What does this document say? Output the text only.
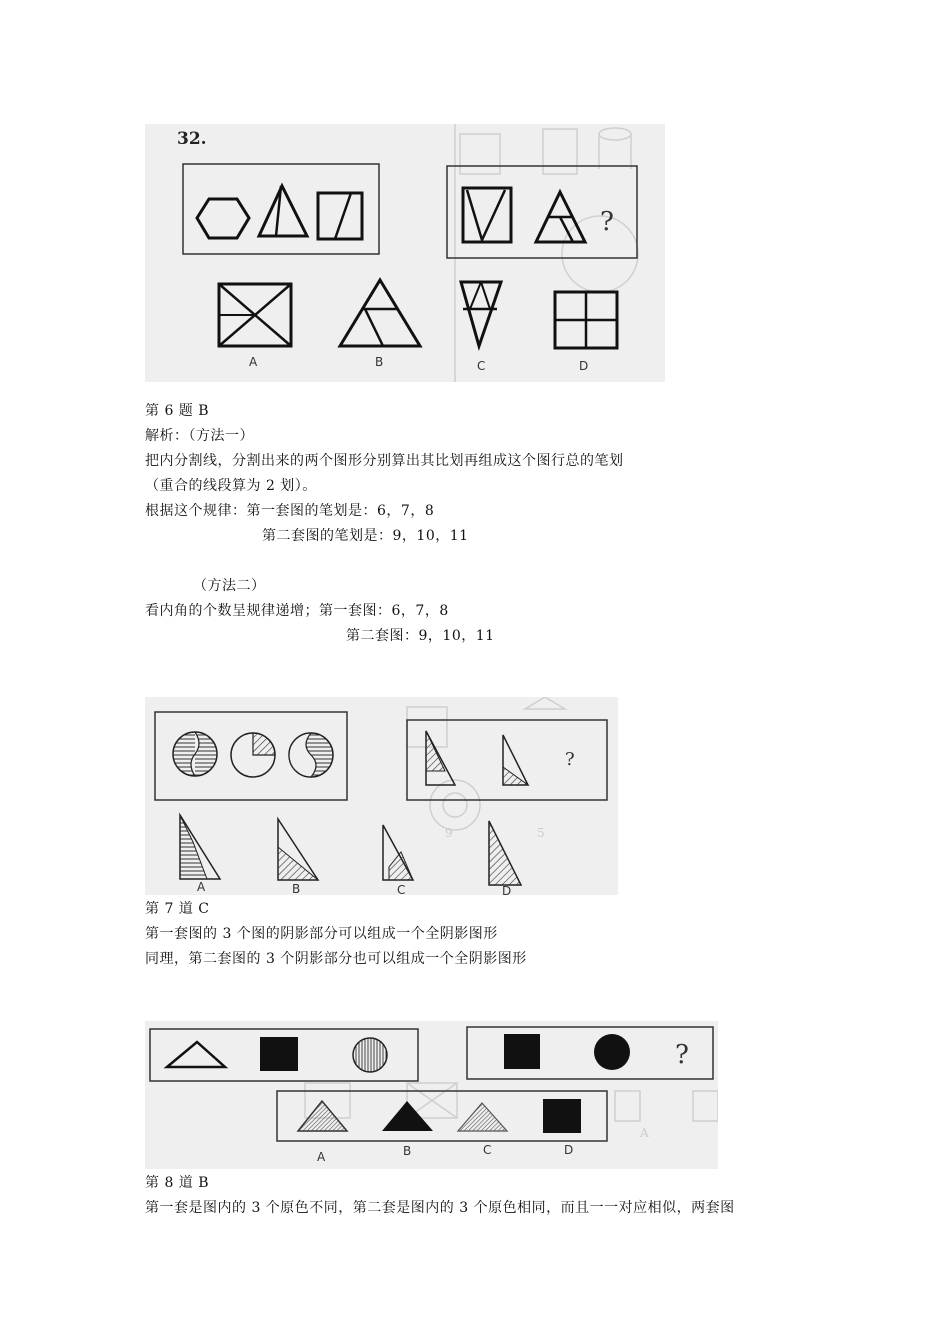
32.
?
A	B	C	D
第 6 题 B
解析：（方法一）
把内分割线，分割出来的两个图形分别算出其比划再组成这个图行总的笔划
（重合的线段算为 2 划）。
根据这个规律：第一套图的笔划是：6，7，8
第二套图的笔划是：9，10，11
（方法二）
看内角的个数呈规律递增；第一套图：6，7，8
第二套图：9，10，11
9	5
?
A	B	C	D
第 7 道 C
第一套图的 3 个图的阴影部分可以组成一个全阴影图形
同理，第二套图的 3 个阴影部分也可以组成一个全阴影图形
A
?
A	B	C	D
第 8 道 B
第一套是图内的 3 个原色不同，第二套是图内的 3 个原色相同，而且一一对应相似，两套图
